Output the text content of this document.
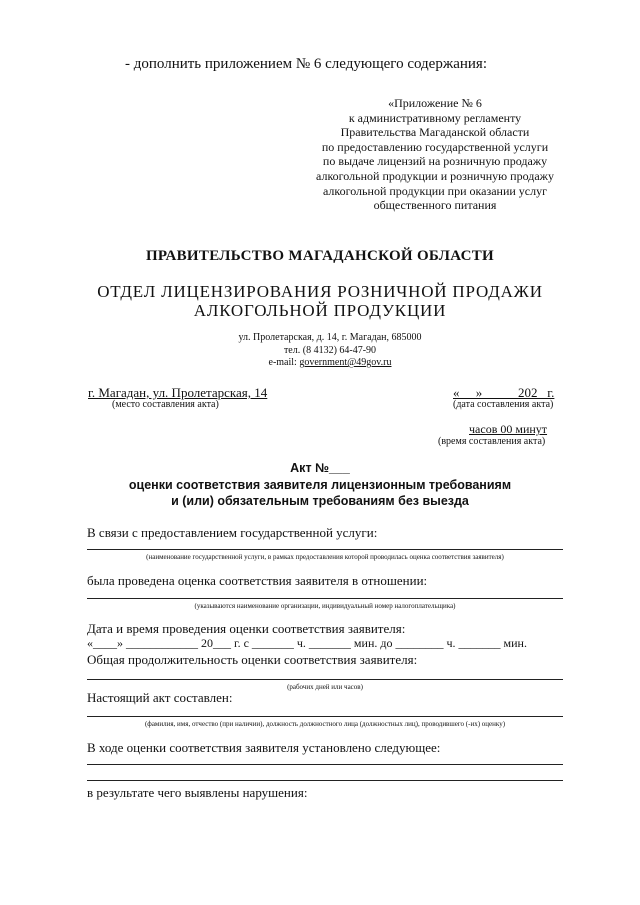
- дополнить приложением № 6 следующего содержания:
«Приложение № 6
к административному регламенту
Правительства Магаданской области
по предоставлению государственной услуги
по выдаче лицензий на розничную продажу
алкогольной продукции и розничную продажу
алкогольной продукции при оказании услуг
общественного питания
ПРАВИТЕЛЬСТВО МАГАДАНСКОЙ ОБЛАСТИ
ОТДЕЛ ЛИЦЕНЗИРОВАНИЯ РОЗНИЧНОЙ ПРОДАЖИ
АЛКОГОЛЬНОЙ ПРОДУКЦИИ
ул. Пролетарская, д. 14, г. Магадан, 685000
тел. (8 4132) 64-47-90
e-mail: government@49gov.ru
г. Магадан, ул. Пролетарская, 14
(место составления акта)
«     »           202   г.
(дата составления акта)
часов 00 минут
(время составления акта)
Акт №___
оценки соответствия заявителя лицензионным требованиям
и (или) обязательным требованиям без выезда
В связи с предоставлением государственной услуги:
(наименование государственной услуги, в рамках предоставления которой проводилась оценка соответствия заявителя)
была проведена оценка соответствия заявителя в отношении:
(указываются наименование организации, индивидуальный номер налогоплательщика)
Дата и время проведения оценки соответствия заявителя:
«____» ____________ 20___ г. с _______ ч. _______ мин. до ________ ч. _______ мин.
Общая продолжительность оценки соответствия заявителя:
(рабочих дней или часов)
Настоящий акт составлен:
(фамилия, имя, отчество (при наличии), должность должностного лица (должностных лиц), проводившего (-их) оценку)
В ходе оценки соответствия заявителя установлено следующее:
в результате чего выявлены нарушения:
